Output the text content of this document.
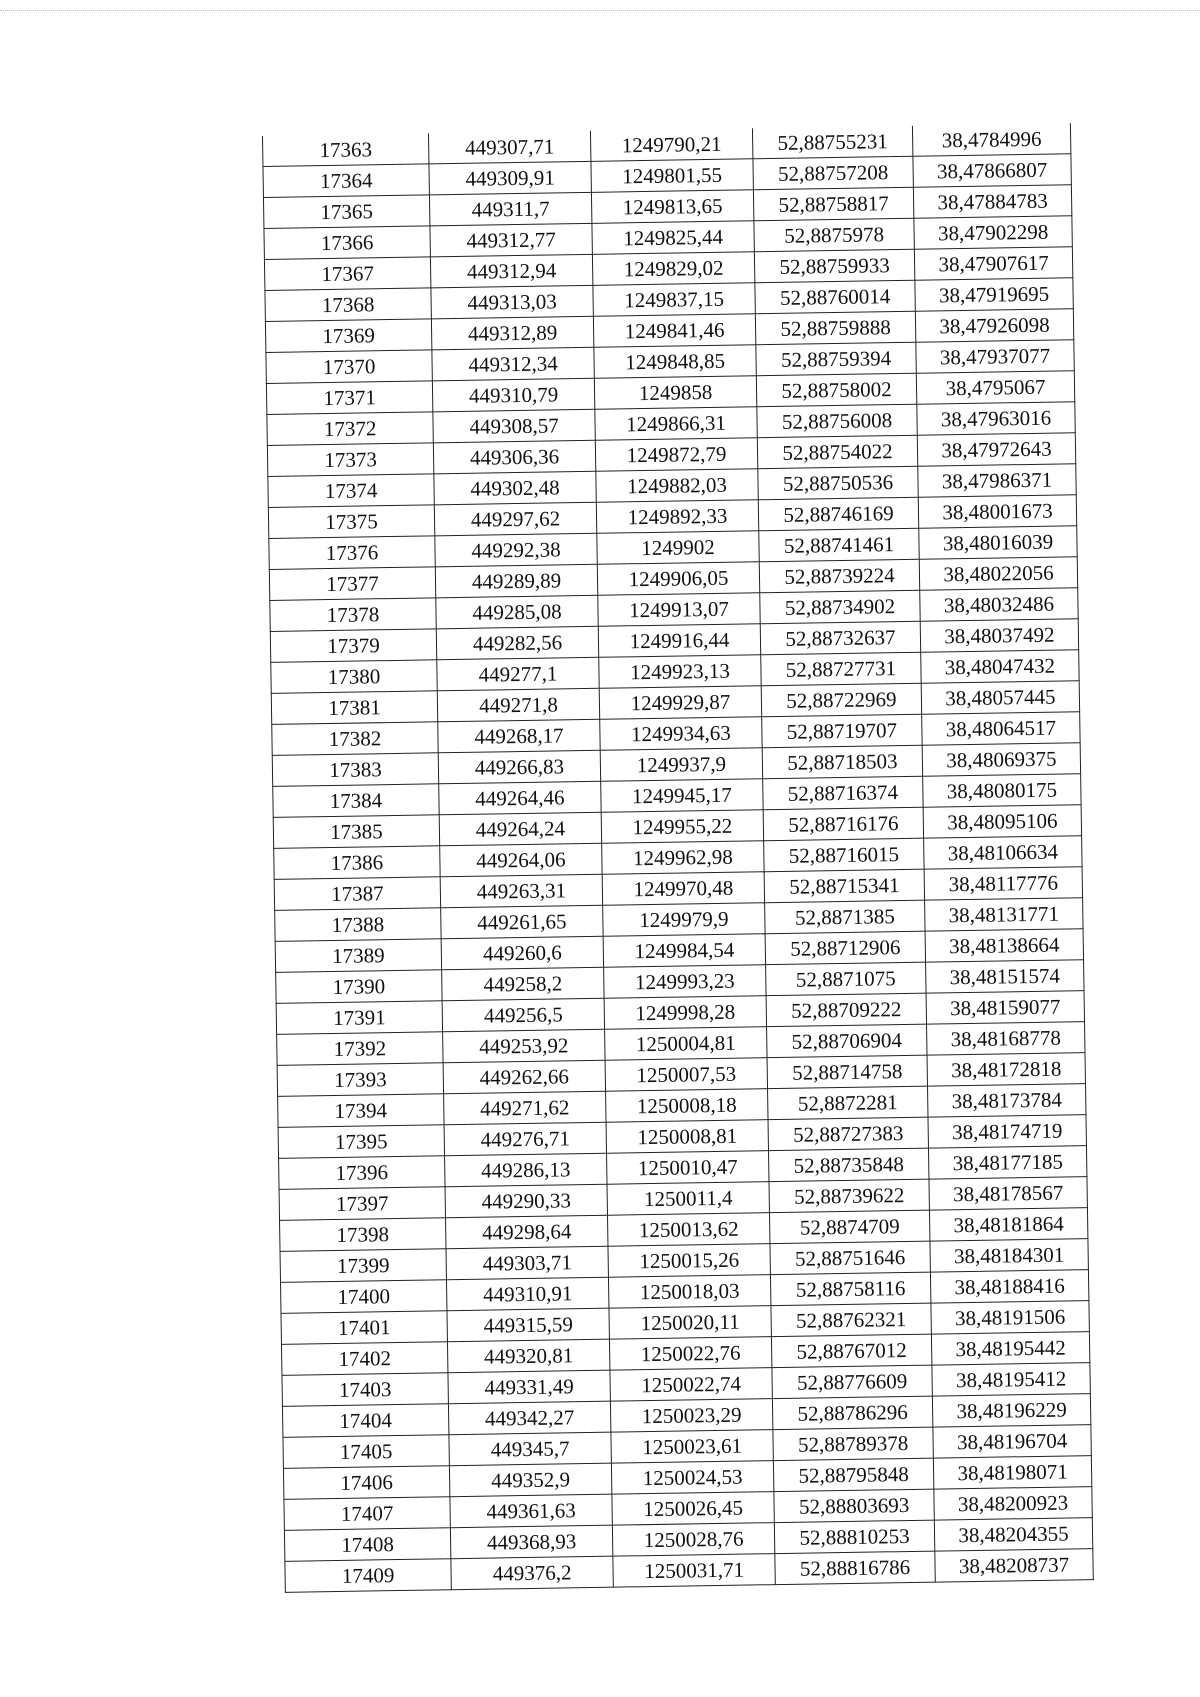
17363	449307,71	1249790,21	52,88755231	38,4784996
17364	449309,91	1249801,55	52,88757208	38,47866807
17365	449311,7	1249813,65	52,88758817	38,47884783
17366	449312,77	1249825,44	52,8875978	38,47902298
17367	449312,94	1249829,02	52,88759933	38,47907617
17368	449313,03	1249837,15	52,88760014	38,47919695
17369	449312,89	1249841,46	52,88759888	38,47926098
17370	449312,34	1249848,85	52,88759394	38,47937077
17371	449310,79	1249858	52,88758002	38,4795067
17372	449308,57	1249866,31	52,88756008	38,47963016
17373	449306,36	1249872,79	52,88754022	38,47972643
17374	449302,48	1249882,03	52,88750536	38,47986371
17375	449297,62	1249892,33	52,88746169	38,48001673
17376	449292,38	1249902	52,88741461	38,48016039
17377	449289,89	1249906,05	52,88739224	38,48022056
17378	449285,08	1249913,07	52,88734902	38,48032486
17379	449282,56	1249916,44	52,88732637	38,48037492
17380	449277,1	1249923,13	52,88727731	38,48047432
17381	449271,8	1249929,87	52,88722969	38,48057445
17382	449268,17	1249934,63	52,88719707	38,48064517
17383	449266,83	1249937,9	52,88718503	38,48069375
17384	449264,46	1249945,17	52,88716374	38,48080175
17385	449264,24	1249955,22	52,88716176	38,48095106
17386	449264,06	1249962,98	52,88716015	38,48106634
17387	449263,31	1249970,48	52,88715341	38,48117776
17388	449261,65	1249979,9	52,8871385	38,48131771
17389	449260,6	1249984,54	52,88712906	38,48138664
17390	449258,2	1249993,23	52,8871075	38,48151574
17391	449256,5	1249998,28	52,88709222	38,48159077
17392	449253,92	1250004,81	52,88706904	38,48168778
17393	449262,66	1250007,53	52,88714758	38,48172818
17394	449271,62	1250008,18	52,8872281	38,48173784
17395	449276,71	1250008,81	52,88727383	38,48174719
17396	449286,13	1250010,47	52,88735848	38,48177185
17397	449290,33	1250011,4	52,88739622	38,48178567
17398	449298,64	1250013,62	52,8874709	38,48181864
17399	449303,71	1250015,26	52,88751646	38,48184301
17400	449310,91	1250018,03	52,88758116	38,48188416
17401	449315,59	1250020,11	52,88762321	38,48191506
17402	449320,81	1250022,76	52,88767012	38,48195442
17403	449331,49	1250022,74	52,88776609	38,48195412
17404	449342,27	1250023,29	52,88786296	38,48196229
17405	449345,7	1250023,61	52,88789378	38,48196704
17406	449352,9	1250024,53	52,88795848	38,48198071
17407	449361,63	1250026,45	52,88803693	38,48200923
17408	449368,93	1250028,76	52,88810253	38,48204355
17409	449376,2	1250031,71	52,88816786	38,48208737
